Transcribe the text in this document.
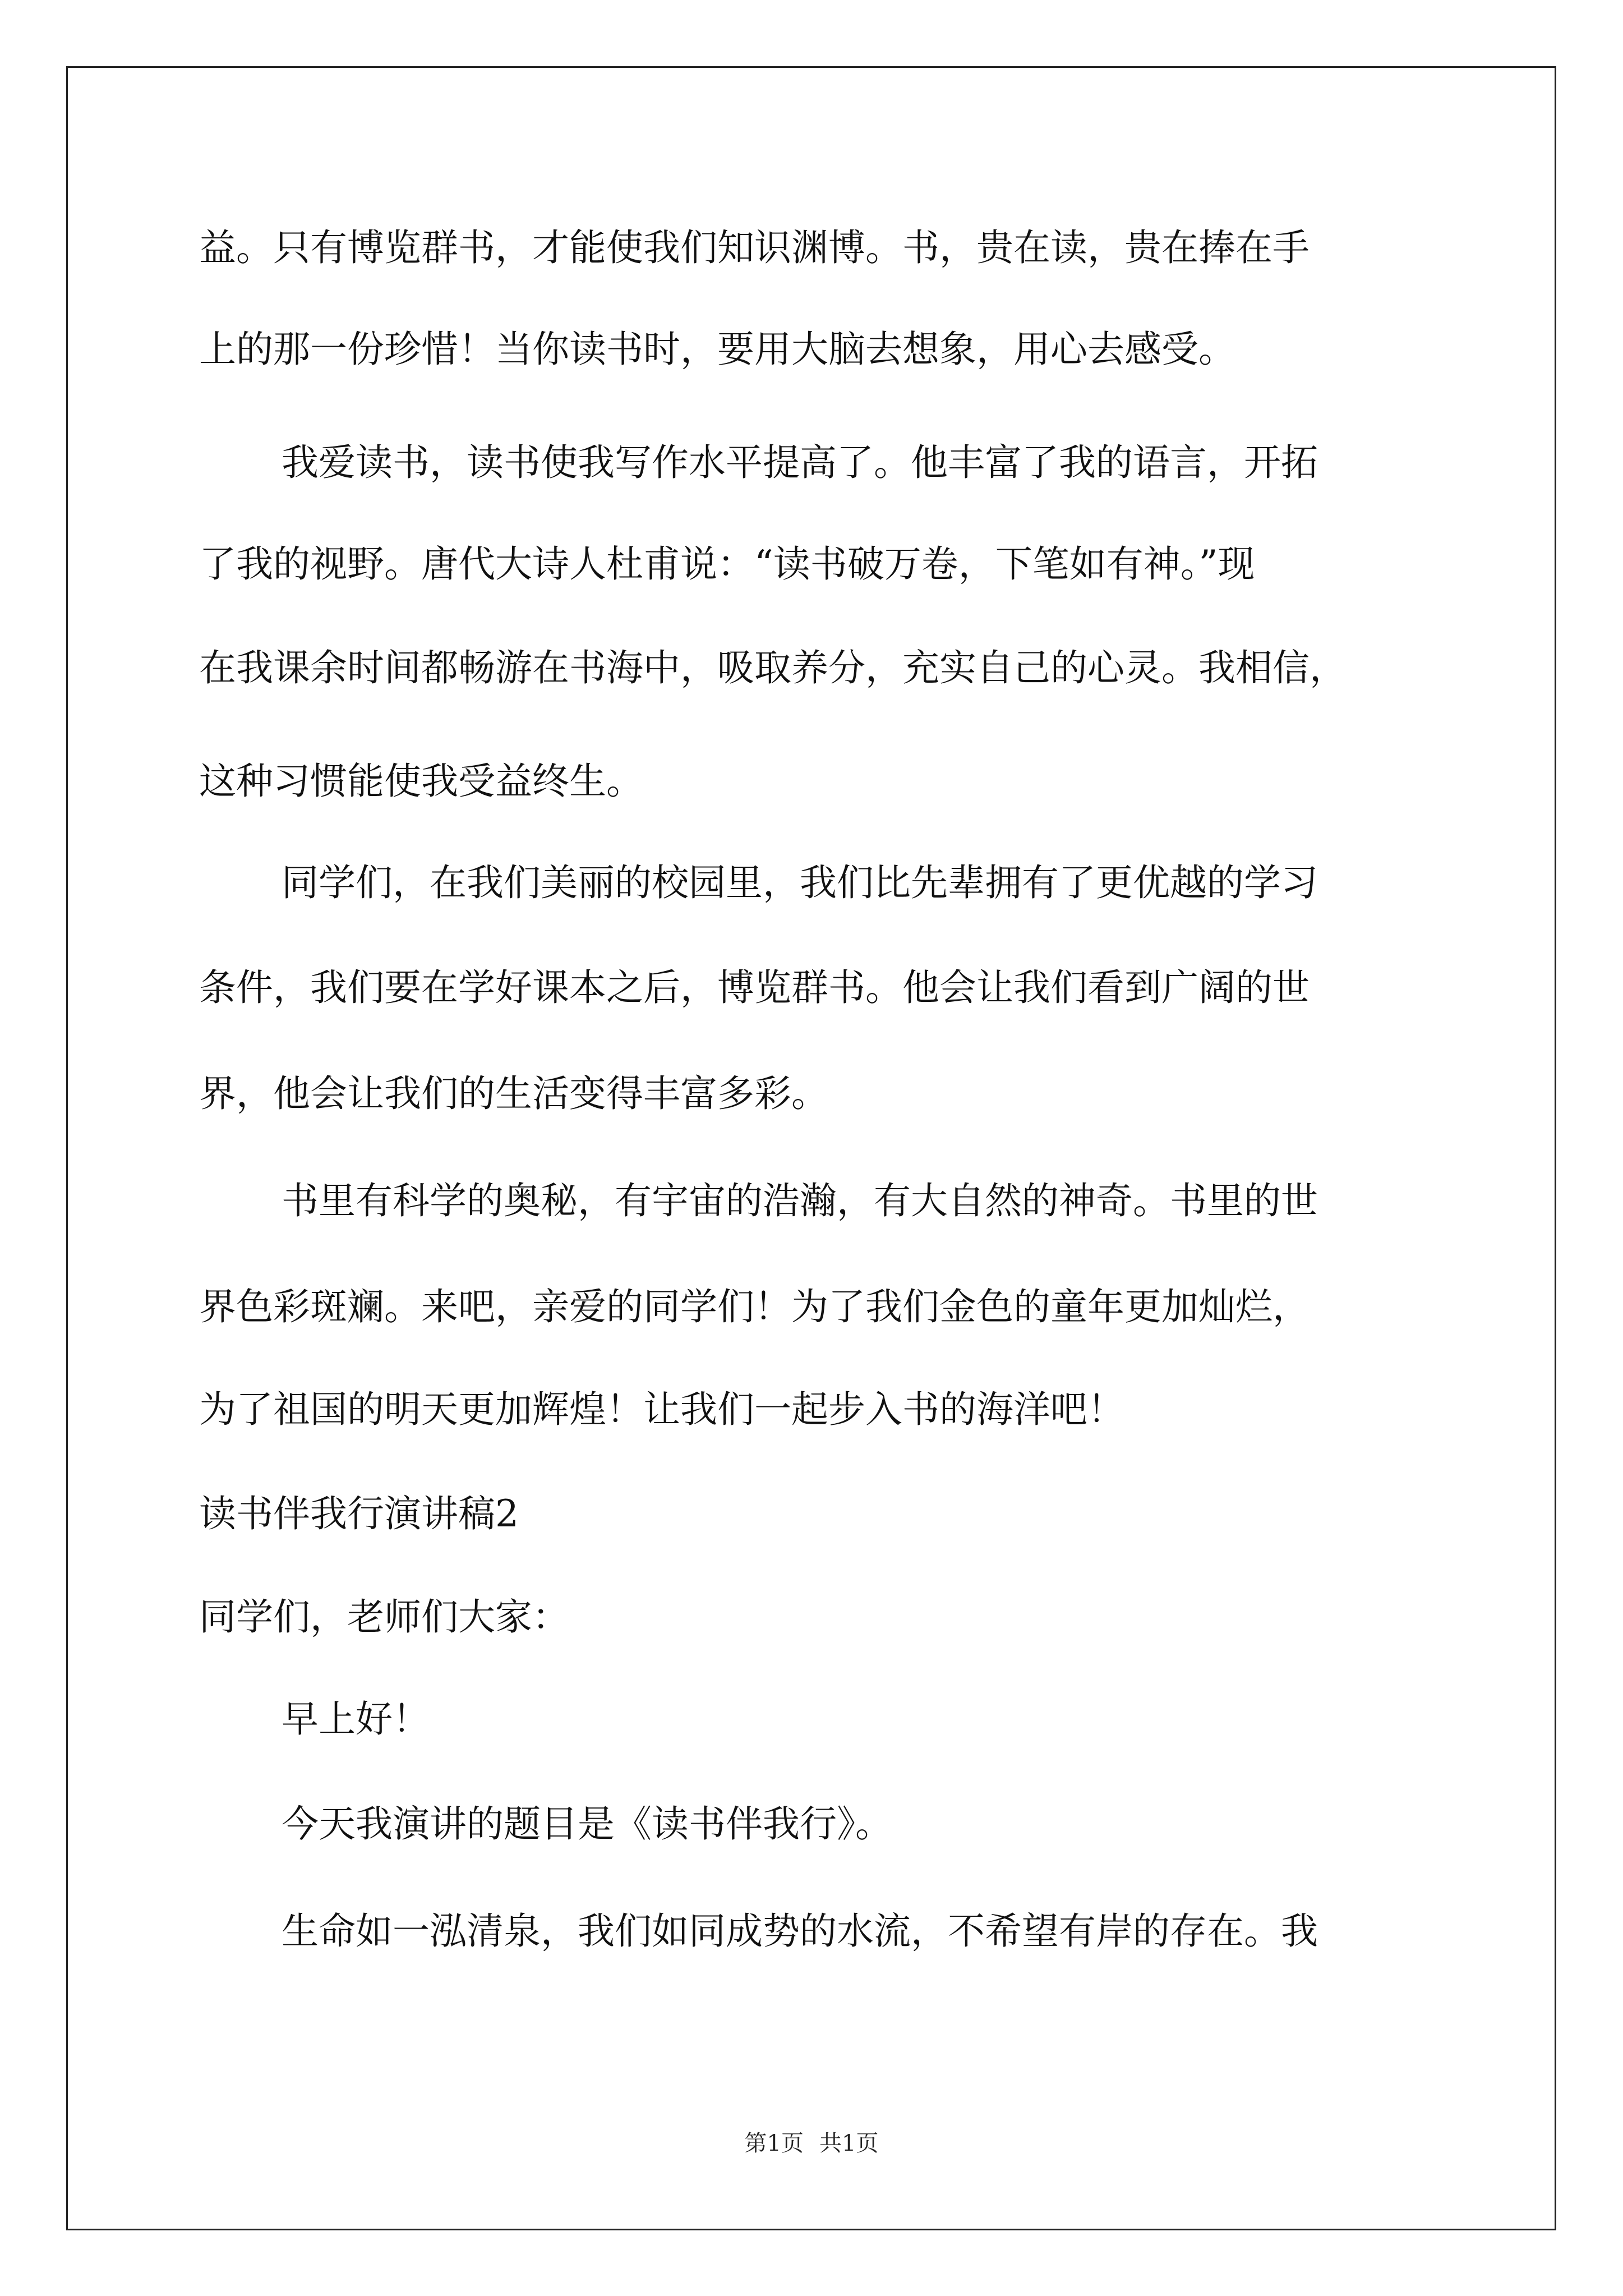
益。只有博览群书，才能使我们知识渊博。书，贵在读，贵在捧在手
上的那一份珍惜！当你读书时，要用大脑去想象，用心去感受。
我爱读书，读书使我写作水平提高了。他丰富了我的语言，开拓
了我的视野。唐代大诗人杜甫说：“读书破万卷，下笔如有神。”现
在我课余时间都畅游在书海中，吸取养分，充实自己的心灵。我相信，
这种习惯能使我受益终生。
同学们，在我们美丽的校园里，我们比先辈拥有了更优越的学习
条件，我们要在学好课本之后，博览群书。他会让我们看到广阔的世
界，他会让我们的生活变得丰富多彩。
书里有科学的奥秘，有宇宙的浩瀚，有大自然的神奇。书里的世
界色彩斑斓。来吧，亲爱的同学们！为了我们金色的童年更加灿烂，
为了祖国的明天更加辉煌！让我们一起步入书的海洋吧！
读书伴我行演讲稿2
同学们，老师们大家：
早上好！
今天我演讲的题目是《读书伴我行》。
生命如一泓清泉，我们如同成势的水流，不希望有岸的存在。我
第1页 共1页
